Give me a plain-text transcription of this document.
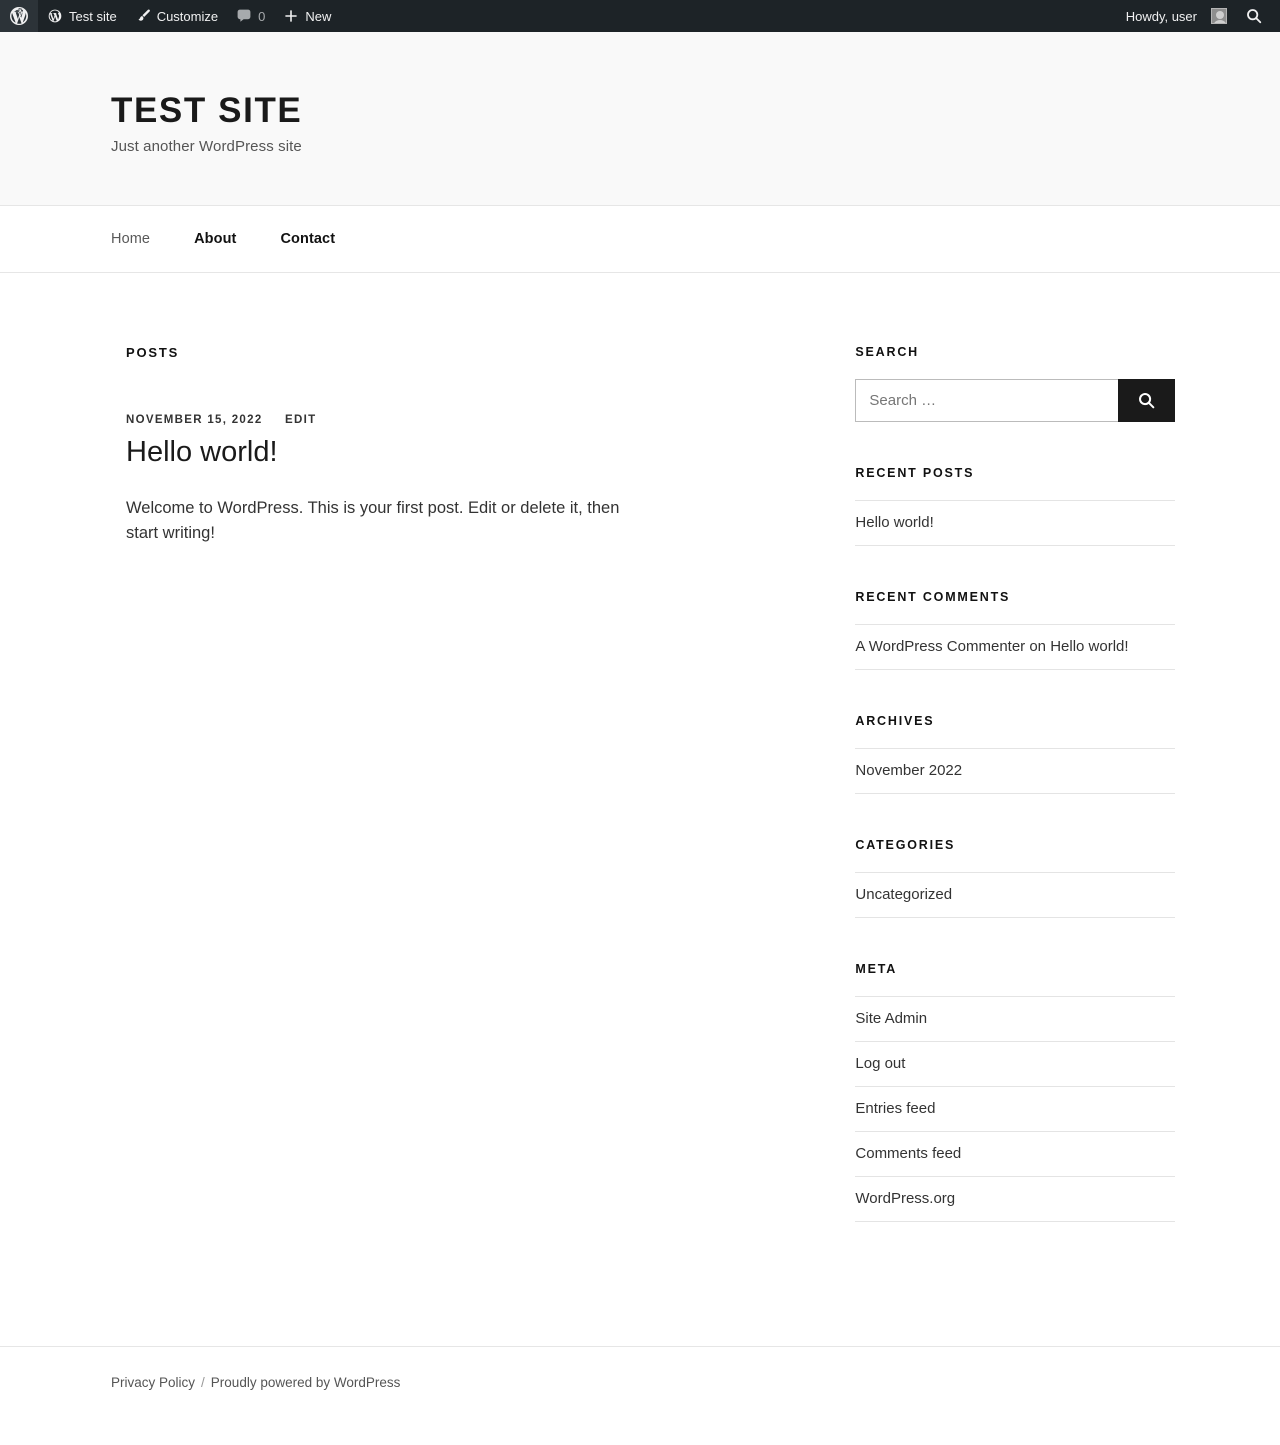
Test site	Customize	0	New	Howdy, user
TEST SITE

Just another WordPress site

Home	About	Contact
POSTS
NOVEMBER 15, 2022 EDIT
Hello world!

Welcome to WordPress. This is your first post. Edit or delete it, then start writing!

SEARCH
Search …
RECENT POSTS
Hello world!
RECENT COMMENTS
A WordPress Commenter on Hello world!
ARCHIVES
November 2022
CATEGORIES
Uncategorized
META
Site Admin
Log out
Entries feed
Comments feed
WordPress.org
Privacy Policy / Proudly powered by WordPress
